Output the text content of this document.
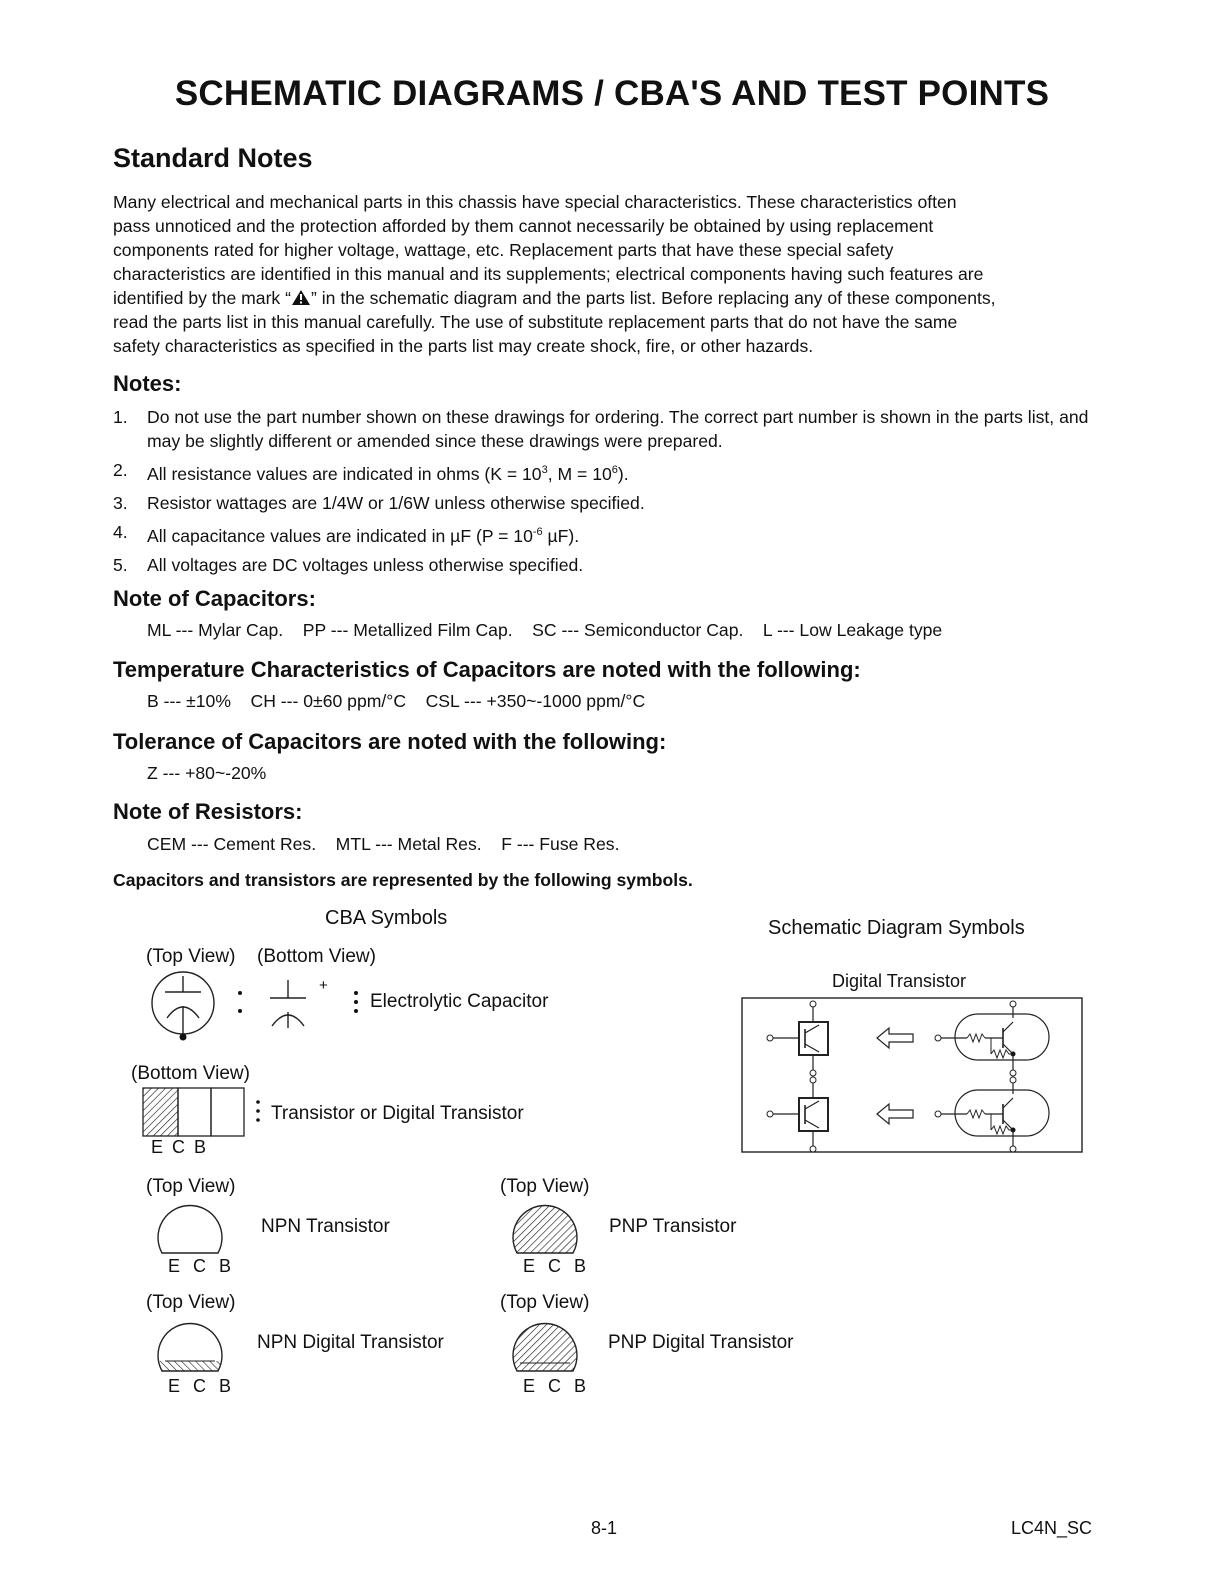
SCHEMATIC DIAGRAMS / CBA'S AND TEST POINTS
Standard Notes
Many electrical and mechanical parts in this chassis have special characteristics. These characteristics often
pass unnoticed and the protection afforded by them cannot necessarily be obtained by using replacement
components rated for higher voltage, wattage, etc. Replacement parts that have these special safety
characteristics are identified in this manual and its supplements; electrical components having such features are
identified by the mark “ ” in the schematic diagram and the parts list. Before replacing any of these components,
read the parts list in this manual carefully. The use of substitute replacement parts that do not have the same
safety characteristics as specified in the parts list may create shock, fire, or other hazards.
Notes:
1. Do not use the part number shown on these drawings for ordering. The correct part number is shown in the parts list, and may be slightly different or amended since these drawings were prepared.
2. All resistance values are indicated in ohms ($K = 10^3$, $M = 10^6$).
3. Resistor wattages are 1/4W or 1/6W unless otherwise specified.
4. All capacitance values are indicated in µF ($P = 10^{-6}$ µF).
5. All voltages are DC voltages unless otherwise specified.
Note of Capacitors:
ML --- Mylar Cap.    PP --- Metallized Film Cap.    SC --- Semiconductor Cap.    L --- Low Leakage type
Temperature Characteristics of Capacitors are noted with the following:
B --- ±10%    CH --- 0±60 ppm/°C    CSL --- +350~-1000 ppm/°C
Tolerance of Capacitors are noted with the following:
Z --- +80~-20%
Note of Resistors:
CEM --- Cement Res.    MTL --- Metal Res.    F --- Fuse Res.
Capacitors and transistors are represented by the following symbols.
CBA Symbols
(Top View) (Bottom View)
+
Electrolytic Capacitor
(Bottom View)
Transistor or Digital Transistor
E C B
(Top View)	(Top View)
NPN Transistor
E C B
PNP Transistor
E C B
(Top View)	(Top View)
NPN Digital Transistor
E C B
PNP Digital Transistor
E C B
Schematic Diagram Symbols
Digital Transistor
8-1	LC4N_SC
